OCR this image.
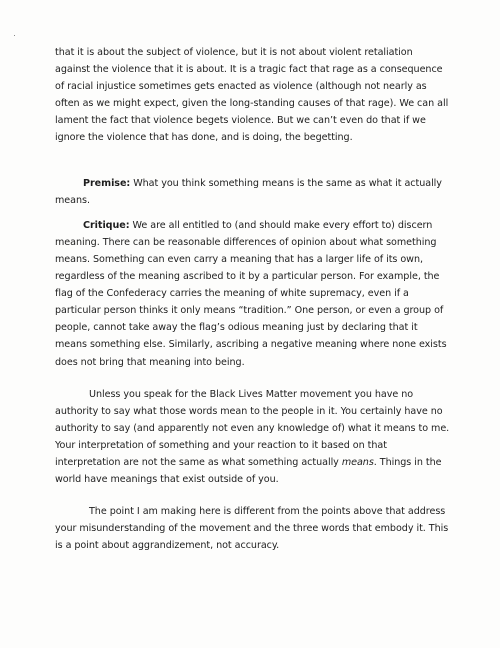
that it is about the subject of violence, but it is not about violent retaliation against the violence that it is about. It is a tragic fact that rage as a consequence of racial injustice sometimes gets enacted as violence (although not nearly as often as we might expect, given the long-standing causes of that rage). We can all lament the fact that violence begets violence. But we can’t even do that if we ignore the violence that has done, and is doing, the begetting.

Premise: What you think something means is the same as what it actually means.

Critique: We are all entitled to (and should make every effort to) discern meaning. There can be reasonable differences of opinion about what something means. Something can even carry a meaning that has a larger life of its own, regardless of the meaning ascribed to it by a particular person. For example, the flag of the Confederacy carries the meaning of white supremacy, even if a particular person thinks it only means “tradition.” One person, or even a group of people, cannot take away the flag’s odious meaning just by declaring that it means something else. Similarly, ascribing a negative meaning where none exists does not bring that meaning into being.

Unless you speak for the Black Lives Matter movement you have no authority to say what those words mean to the people in it. You certainly have no authority to say (and apparently not even any knowledge of) what it means to me. Your interpretation of something and your reaction to it based on that interpretation are not the same as what something actually means. Things in the world have meanings that exist outside of you.

The point I am making here is different from the points above that address your misunderstanding of the movement and the three words that embody it. This is a point about aggrandizement, not accuracy.
